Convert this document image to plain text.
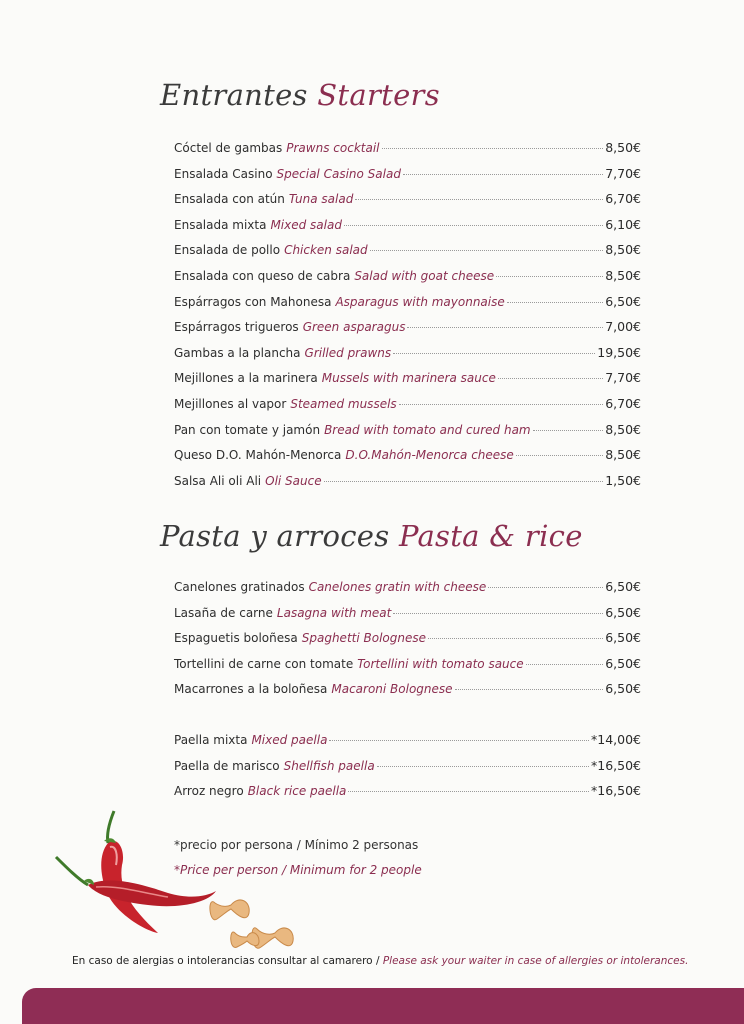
Entrantes Starters
Cóctel de gambas Prawns cocktail	8,50€
Ensalada Casino Special Casino Salad	7,70€
Ensalada con atún Tuna salad	6,70€
Ensalada mixta Mixed salad	6,10€
Ensalada de pollo Chicken salad	8,50€
Ensalada con queso de cabra Salad with goat cheese	8,50€
Espárragos con Mahonesa Asparagus with mayonnaise	6,50€
Espárragos trigueros Green asparagus	7,00€
Gambas a la plancha Grilled prawns	19,50€
Mejillones a la marinera Mussels with marinera sauce	7,70€
Mejillones al vapor Steamed mussels	6,70€
Pan con tomate y jamón Bread with tomato and cured ham	8,50€
Queso D.O. Mahón-Menorca D.O.Mahón-Menorca cheese	8,50€
Salsa Ali oli Ali Oli Sauce	1,50€
Pasta y arroces Pasta & rice
Canelones gratinados Canelones gratin with cheese	6,50€
Lasaña de carne Lasagna with meat	6,50€
Espaguetis boloñesa Spaghetti Bolognese	6,50€
Tortellini de carne con tomate Tortellini with tomato sauce	6,50€
Macarrones a la boloñesa Macaroni Bolognese	6,50€
Paella mixta Mixed paella	*14,00€
Paella de marisco Shellfish paella	*16,50€
Arroz negro Black rice paella	*16,50€
*precio por persona / Mínimo 2 personas
*Price per person / Minimum for 2 people
En caso de alergias o intolerancias consultar al camarero / Please ask your waiter in case of allergies or intolerances.
